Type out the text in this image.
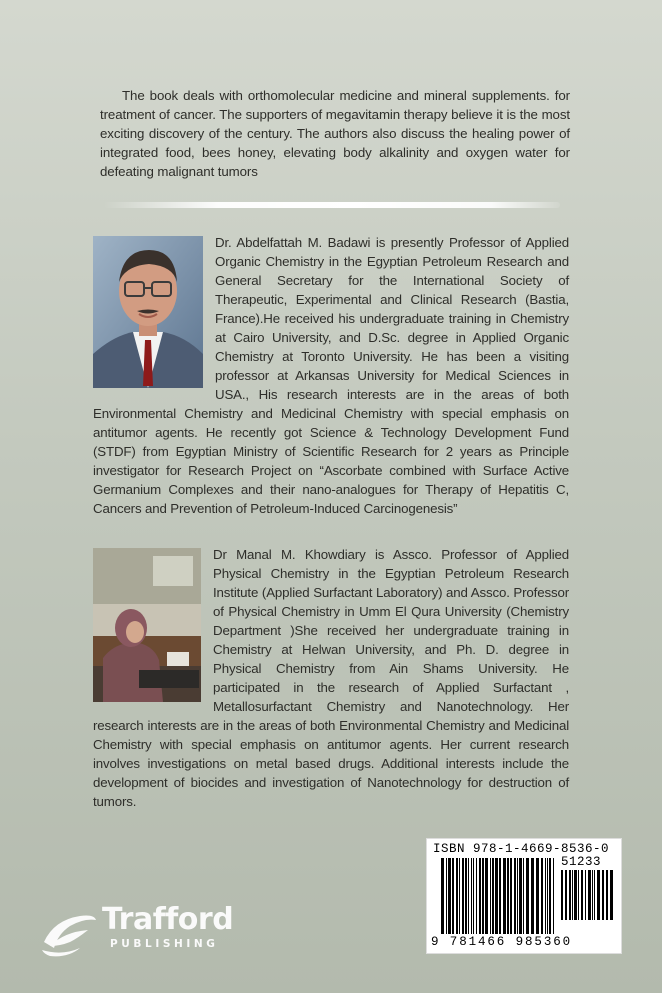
The book deals with orthomolecular medicine and mineral supplements. for treatment of cancer. The supporters of megavitamin therapy believe it is the most exciting discovery of the century. The authors also discuss the healing power of integrated food, bees honey, elevating body alkalinity and oxygen water for defeating malignant tumors
Dr. Abdelfattah M. Badawi is presently Professor of Applied Organic Chemistry in the Egyptian Petroleum Research and General Secretary for the International Society of Therapeutic, Experimental and Clinical Research (Bastia, France).He received his undergraduate training in Chemistry at Cairo University, and D.Sc. degree in Applied Organic Chemistry at Toronto University. He has been a visiting professor at Arkansas University for Medical Sciences in USA., His research interests are in the areas of both Environmental Chemistry and Medicinal Chemistry with special emphasis on antitumor agents. He recently got Science & Technology Development Fund (STDF) from Egyptian Ministry of Scientific Research for 2 years as Principle investigator for Research Project on “Ascorbate combined with Surface Active Germanium Complexes and their nano-analogues for Therapy of Hepatitis C, Cancers and Prevention of Petroleum-Induced Carcinogenesis”
Dr Manal M. Khowdiary is Assco. Professor of Applied Physical Chemistry in the Egyptian Petroleum Research Institute (Applied Surfactant Laboratory) and Assco. Professor of Physical Chemistry in Umm El Qura University (Chemistry Department )She received her undergraduate training in Chemistry at Helwan University, and Ph. D. degree in Physical Chemistry from Ain Shams University. He participated in the research of Applied Surfactant , Metallosurfactant Chemistry and Nanotechnology. Her research interests are in the areas of both Environmental Chemistry and Medicinal Chemistry with special emphasis on antitumor agents. Her current research involves investigations on metal based drugs. Additional interests include the development of biocides and investigation of Nanotechnology for destruction of tumors.
Trafford
PUBLISHING
ISBN 978-1-4669-8536-0
51233
9 781466 985360
